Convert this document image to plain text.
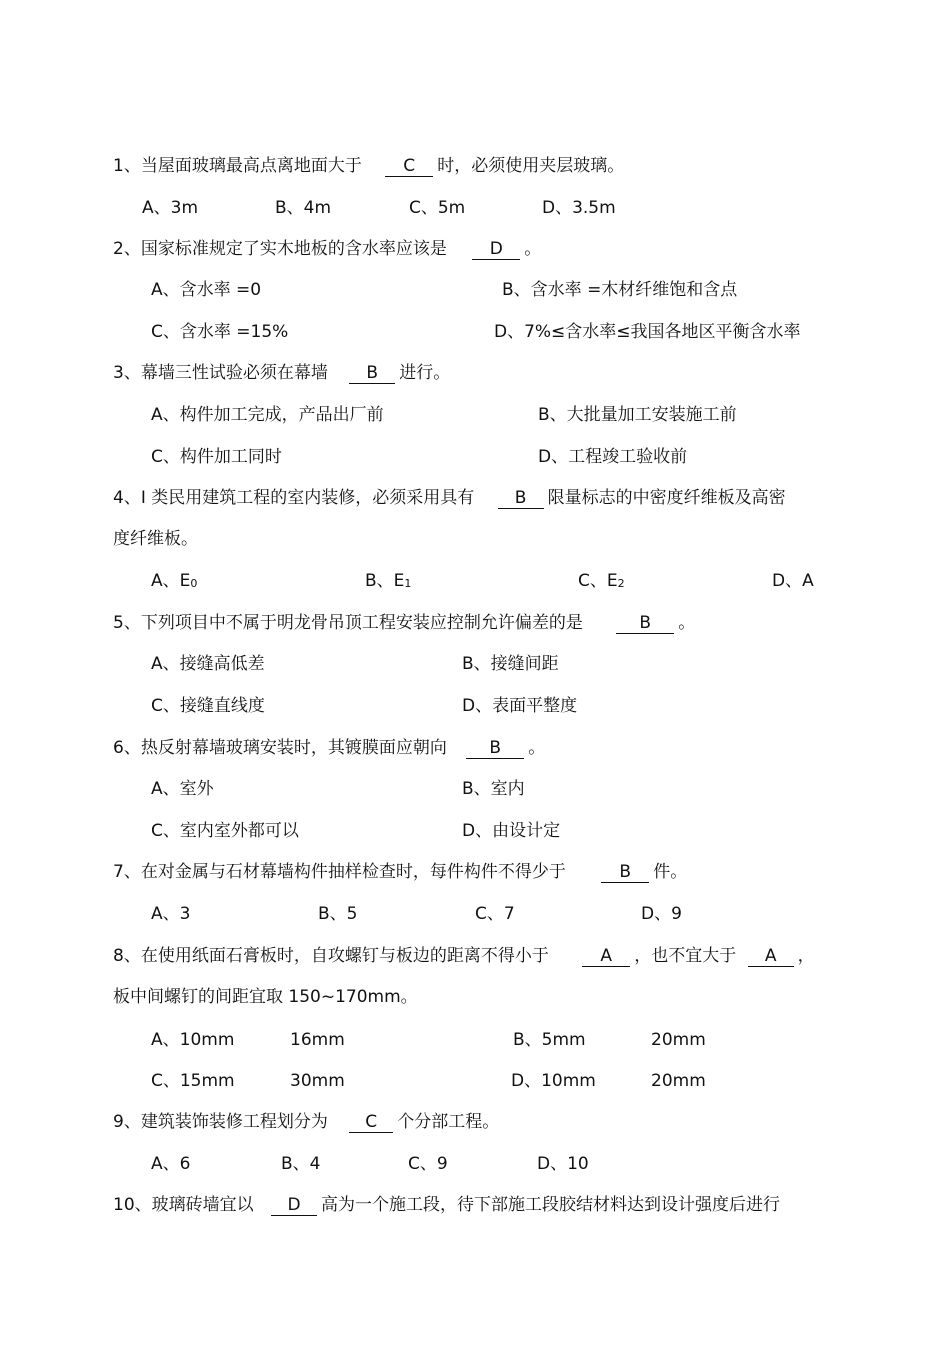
1、当屋面玻璃最高点离地面大于 C 时，必须使用夹层玻璃。
A、3m	B、4m	C、5m	D、3.5m
2、国家标准规定了实木地板的含水率应该是	D 。
A、含水率 =0	B、含水率 =木材纤维饱和含点
C、含水率 =15%	D、7%≤含水率≤我国各地区平衡含水率
3、幕墙三性试验必须在幕墙 B 进行。
A、构件加工完成，产品出厂前	B、大批量加工安装施工前
C、构件加工同时	D、工程竣工验收前
4、I 类民用建筑工程的室内装修，必须采用具有 B 限量标志的中密度纤维板及高密
度纤维板。
A、E0	B、E1	C、E2	D、A
5、下列项目中不属于明龙骨吊顶工程安装应控制允许偏差的是	B 。
A、接缝高低差	B、接缝间距
C、接缝直线度	D、表面平整度
6、热反射幕墙玻璃安装时，其镀膜面应朝向	B 。
A、室外	B、室内
C、室内室外都可以	D、由设计定
7、在对金属与石材幕墙构件抽样检查时，每件构件不得少于	B 件。
A、3	B、5	C、7	D、9
8、在使用纸面石膏板时，自攻螺钉与板边的距离不得小于	A ，也不宜大于 A ，
板中间螺钉的间距宜取 150~170mm。
A、10mm	16mm	B、5mm	20mm
C、15mm	30mm	D、10mm	20mm
9、建筑装饰装修工程划分为 C 个分部工程。
A、6	B、4	C、9	D、10
10、玻璃砖墙宜以 D 高为一个施工段，待下部施工段胶结材料达到设计强度后进行
